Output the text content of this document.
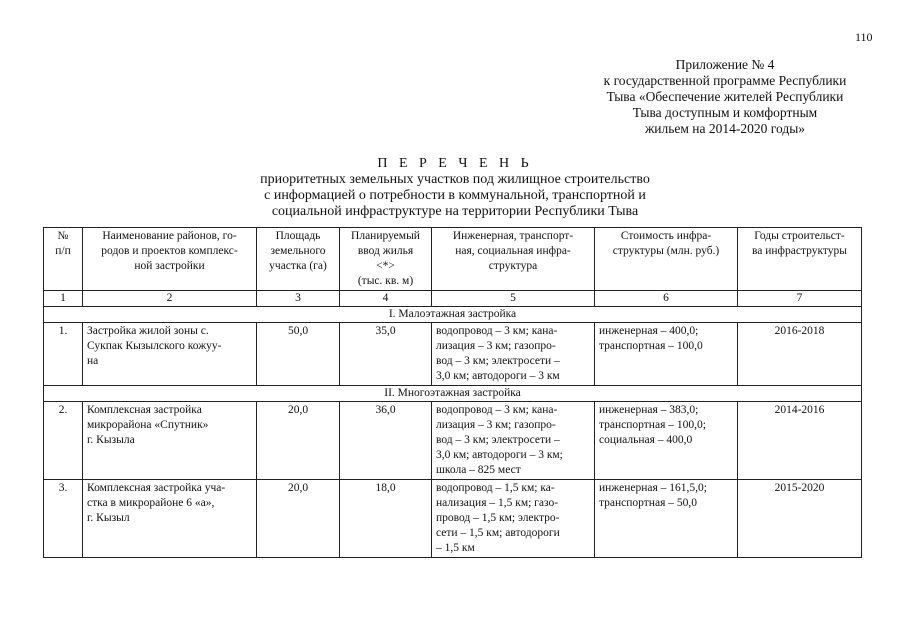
110
Приложение № 4
к государственной программе Республики
Тыва «Обеспечение жителей Республики
Тыва доступным и комфортным
жильем на 2014-2020 годы»
П Е Р Е Ч Е Н Ь
приоритетных земельных участков под жилищное строительство
с информацией о потребности в коммунальной, транспортной и
социальной инфраструктуре на территории Республики Тыва
№
п/п	Наименование районов, го-
родов и проектов комплекс-
ной застройки	Площадь
земельного
участка (га)	Планируемый
ввод жилья
<*>
(тыс. кв. м)	Инженерная, транспорт-
ная, социальная инфра-
структура	Стоимость инфра-
структуры (млн. руб.)	Годы строительст-
ва инфраструктуры

1	2	3	4	5	6	7
I. Малоэтажная застройка						
1.	Застройка жилой зоны с.
Сукпак Кызылского кожуу-
на	50,0	35,0	водопровод – 3 км; кана-
лизация – 3 км; газопро-
вод – 3 км; электросети –
3,0 км; автодороги – 3 км	инженерная – 400,0;
транспортная – 100,0	2016-2018
II. Многоэтажная застройка						
2.	Комплексная застройка
микрорайона «Спутник»
г. Кызыла	20,0	36,0	водопровод – 3 км; кана-
лизация – 3 км; газопро-
вод – 3 км; электросети –
3,0 км; автодороги – 3 км;
школа – 825 мест	инженерная – 383,0;
транспортная – 100,0;
социальная – 400,0	2014-2016
3.	Комплексная застройка уча-
стка в микрорайоне 6 «а»,
г. Кызыл	20,0	18,0	водопровод – 1,5 км; ка-
нализация – 1,5 км; газо-
провод – 1,5 км; электро-
сети – 1,5 км; автодороги
– 1,5 км	инженерная – 161,5,0;
транспортная – 50,0	2015-2020
